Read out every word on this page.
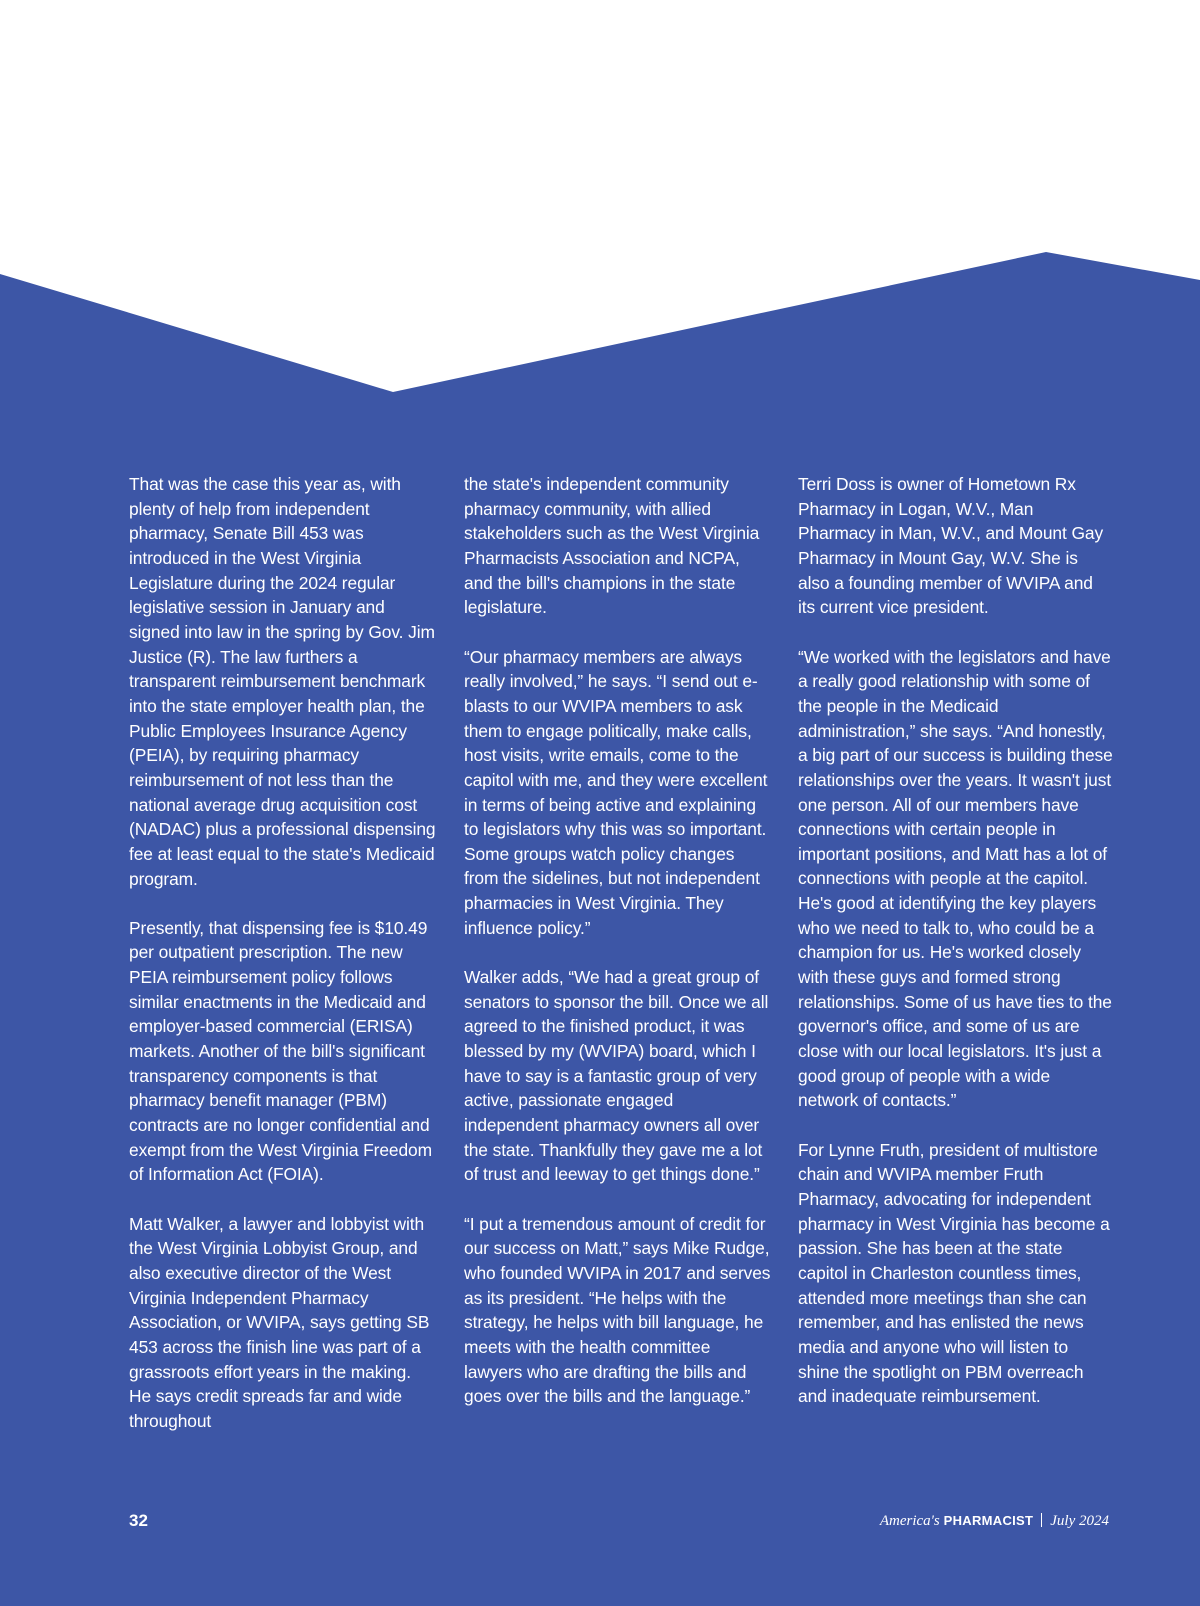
That was the case this year as, with plenty of help from independent pharmacy, Senate Bill 453 was introduced in the West Virginia Legislature during the 2024 regular legislative session in January and signed into law in the spring by Gov. Jim Justice (R). The law furthers a transparent reimbursement benchmark into the state employer health plan, the Public Employees Insurance Agency (PEIA), by requiring pharmacy reimbursement of not less than the national average drug acquisition cost (NADAC) plus a professional dispensing fee at least equal to the state's Medicaid program.

Presently, that dispensing fee is $10.49 per outpatient prescription. The new PEIA reimbursement policy follows similar enactments in the Medicaid and employer-based commercial (ERISA) markets. Another of the bill's significant transparency components is that pharmacy benefit manager (PBM) contracts are no longer confidential and exempt from the West Virginia Freedom of Information Act (FOIA).

Matt Walker, a lawyer and lobbyist with the West Virginia Lobbyist Group, and also executive director of the West Virginia Independent Pharmacy Association, or WVIPA, says getting SB 453 across the finish line was part of a grassroots effort years in the making. He says credit spreads far and wide throughout

the state's independent community pharmacy community, with allied stakeholders such as the West Virginia Pharmacists Association and NCPA, and the bill's champions in the state legislature.

“Our pharmacy members are always really involved,” he says. “I send out e-blasts to our WVIPA members to ask them to engage politically, make calls, host visits, write emails, come to the capitol with me, and they were excellent in terms of being active and explaining to legislators why this was so important. Some groups watch policy changes from the sidelines, but not independent pharmacies in West Virginia. They influence policy.”

Walker adds, “We had a great group of senators to sponsor the bill. Once we all agreed to the finished product, it was blessed by my (WVIPA) board, which I have to say is a fantastic group of very active, passionate engaged independent pharmacy owners all over the state. Thankfully they gave me a lot of trust and leeway to get things done.”

“I put a tremendous amount of credit for our success on Matt,” says Mike Rudge, who founded WVIPA in 2017 and serves as its president. “He helps with the strategy, he helps with bill language, he meets with the health committee lawyers who are drafting the bills and goes over the bills and the language.”

Terri Doss is owner of Hometown Rx Pharmacy in Logan, W.V., Man Pharmacy in Man, W.V., and Mount Gay Pharmacy in Mount Gay, W.V. She is also a founding member of WVIPA and its current vice president.

“We worked with the legislators and have a really good relationship with some of the people in the Medicaid administration,” she says. “And honestly, a big part of our success is building these relationships over the years. It wasn't just one person. All of our members have connections with certain people in important positions, and Matt has a lot of connections with people at the capitol. He's good at identifying the key players who we need to talk to, who could be a champion for us. He's worked closely with these guys and formed strong relationships. Some of us have ties to the governor's office, and some of us are close with our local legislators. It's just a good group of people with a wide network of contacts.”

For Lynne Fruth, president of multistore chain and WVIPA member Fruth Pharmacy, advocating for independent pharmacy in West Virginia has become a passion. She has been at the state capitol in Charleston countless times, attended more meetings than she can remember, and has enlisted the news media and anyone who will listen to shine the spotlight on PBM overreach and inadequate reimbursement.

32	America's PHARMACIST July 2024
